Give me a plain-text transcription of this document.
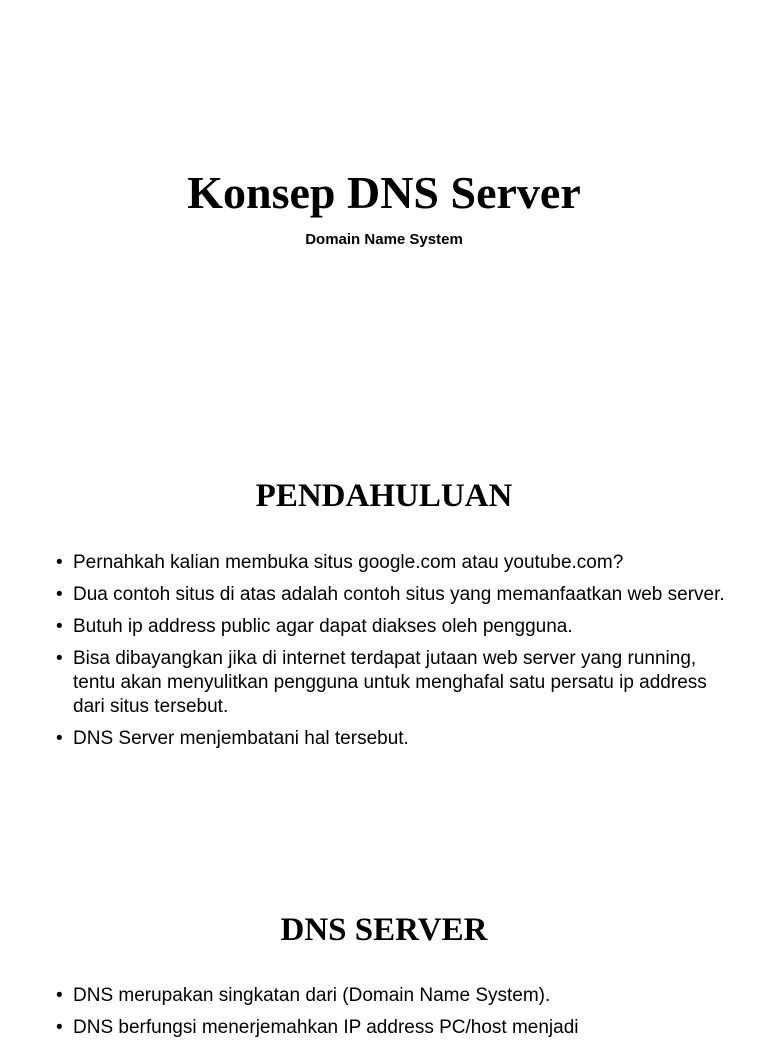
Konsep DNS Server

Domain Name System

PENDAHULUAN
• Pernahkah kalian membuka situs google.com atau youtube.com?
• Dua contoh situs di atas adalah contoh situs yang memanfaatkan web server.
• Butuh ip address public agar dapat diakses oleh pengguna.
• Bisa dibayangkan jika di internet terdapat jutaan web server yang running, tentu akan menyulitkan pengguna untuk menghafal satu persatu ip address dari situs tersebut.
• DNS Server menjembatani hal tersebut.
DNS SERVER
• DNS merupakan singkatan dari (Domain Name System).
• DNS berfungsi menerjemahkan IP address PC/host menjadi
